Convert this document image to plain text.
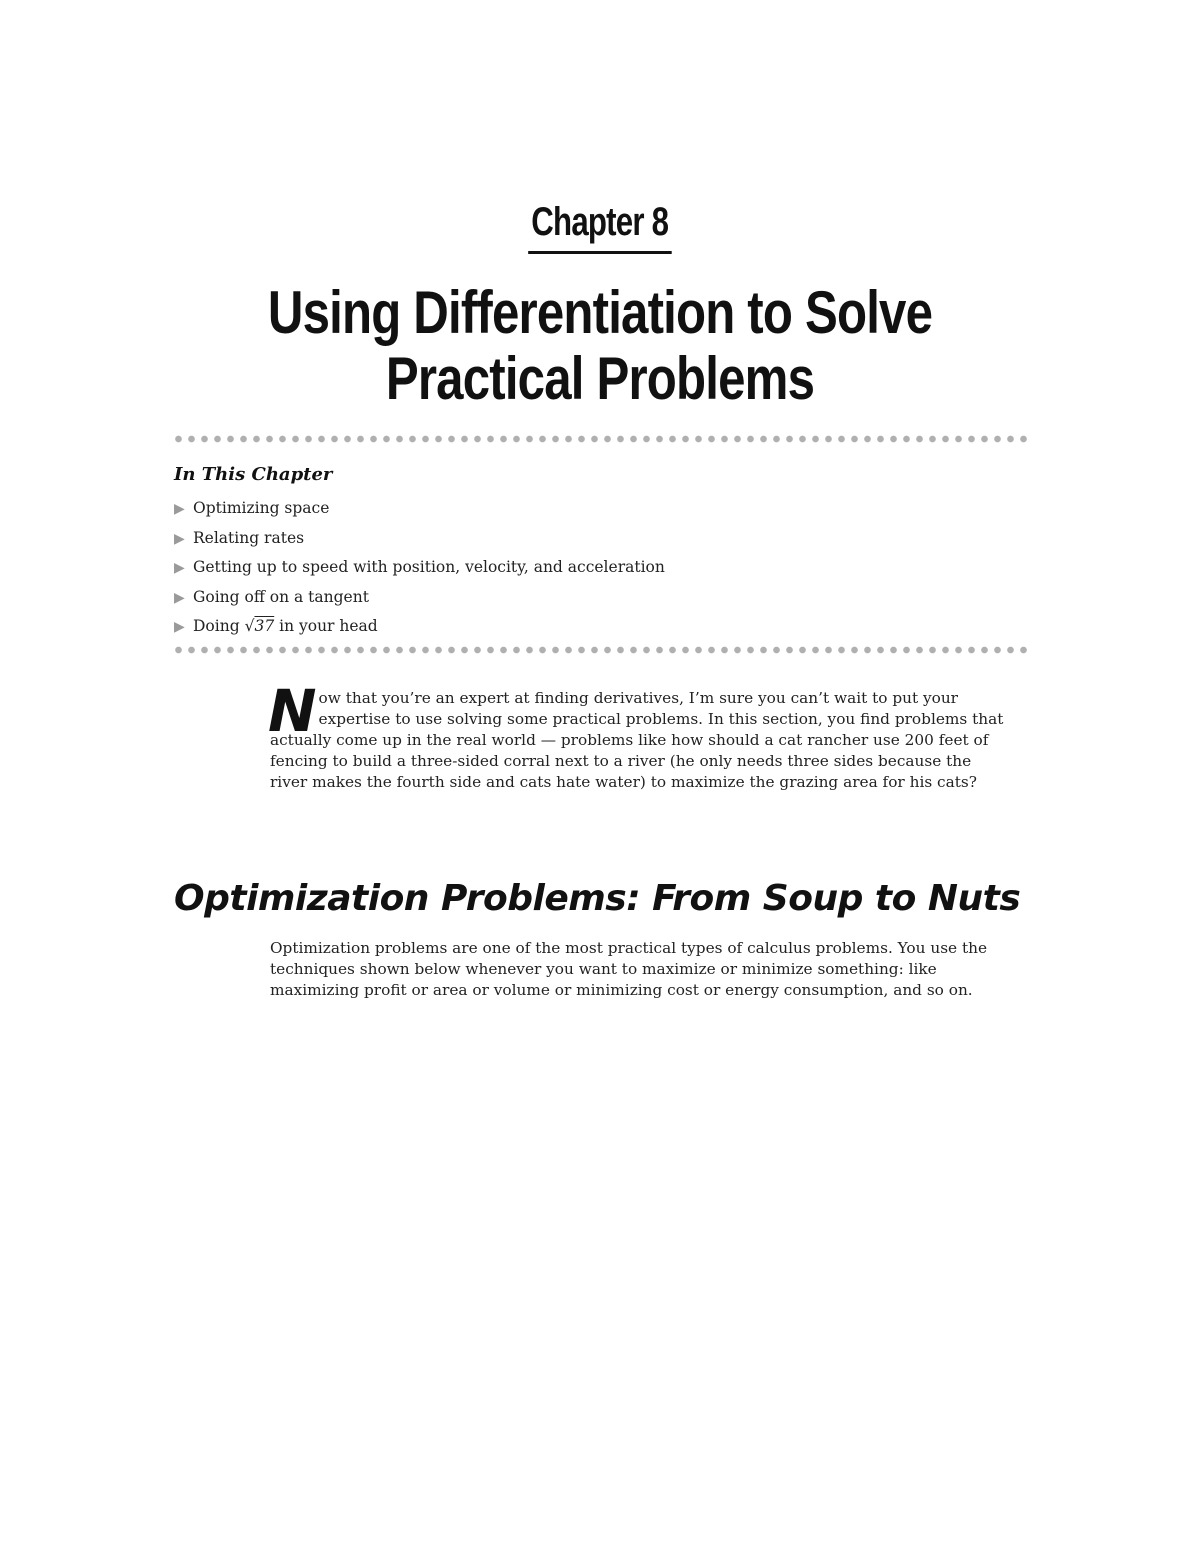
Chapter 8
Using Differentiation to Solve
Practical Problems
In This Chapter
▶ Optimizing space
▶ Relating rates
▶ Getting up to speed with position, velocity, and acceleration
▶ Going off on a tangent
▶ Doing √37 in your head
Now that you’re an expert at finding derivatives, I’m sure you can’t wait to put your expertise to use solving some practical problems. In this section, you find problems that actually come up in the real world — problems like how should a cat rancher use 200 feet of fencing to build a three-sided corral next to a river (he only needs three sides because the river makes the fourth side and cats hate water) to maximize the grazing area for his cats?
Optimization Problems: From Soup to Nuts

Optimization problems are one of the most practical types of calculus problems. You use the techniques shown below whenever you want to maximize or minimize something: like maximizing profit or area or volume or minimizing cost or energy consumption, and so on.
